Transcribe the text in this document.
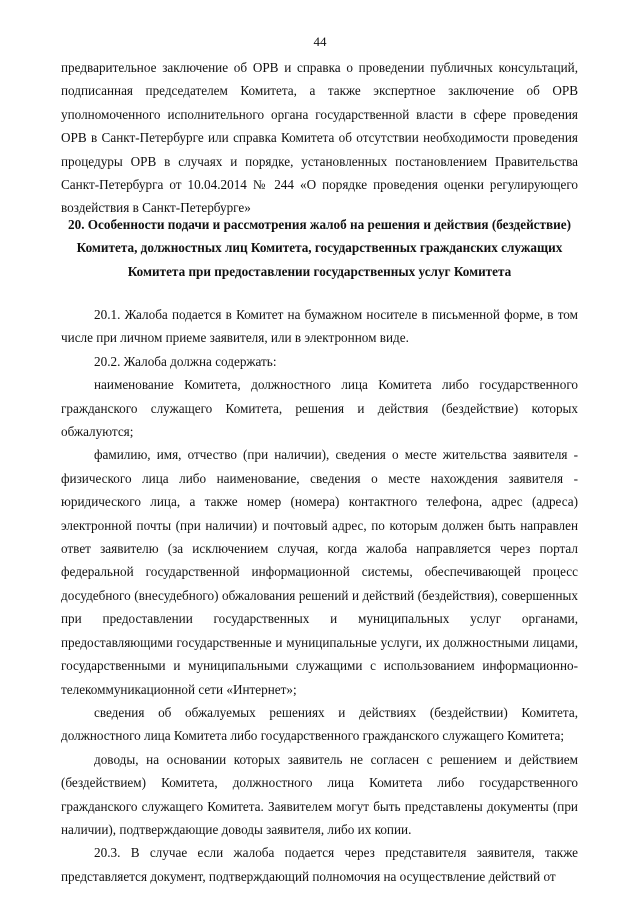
44

предварительное заключение об ОРВ и справка о проведении публичных консультаций, подписанная председателем Комитета, а также экспертное заключение об ОРВ уполномоченного исполнительного органа государственной власти в сфере проведения ОРВ в Санкт-Петербурге или справка Комитета об отсутствии необходимости проведения процедуры ОРВ в случаях и порядке, установленных постановлением Правительства Санкт-Петербурга от 10.04.2014 № 244 «О порядке проведения оценки регулирующего воздействия в Санкт-Петербурге»

20. Особенности подачи и рассмотрения жалоб на решения и действия (бездействие) Комитета, должностных лиц Комитета, государственных гражданских служащих Комитета при предоставлении государственных услуг Комитета

20.1. Жалоба подается в Комитет на бумажном носителе в письменной форме, в том числе при личном приеме заявителя, или в электронном виде.

20.2. Жалоба должна содержать:

наименование Комитета, должностного лица Комитета либо государственного гражданского служащего Комитета, решения и действия (бездействие) которых обжалуются;

фамилию, имя, отчество (при наличии), сведения о месте жительства заявителя - физического лица либо наименование, сведения о месте нахождения заявителя - юридического лица, а также номер (номера) контактного телефона, адрес (адреса) электронной почты (при наличии) и почтовый адрес, по которым должен быть направлен ответ заявителю (за исключением случая, когда жалоба направляется через портал федеральной государственной информационной системы, обеспечивающей процесс досудебного (внесудебного) обжалования решений и действий (бездействия), совершенных при предоставлении государственных и муниципальных услуг органами, предоставляющими государственные и муниципальные услуги, их должностными лицами, государственными и муниципальными служащими с использованием информационно-телекоммуникационной сети «Интернет»;

сведения об обжалуемых решениях и действиях (бездействии) Комитета, должностного лица Комитета либо государственного гражданского служащего Комитета;

доводы, на основании которых заявитель не согласен с решением и действием (бездействием) Комитета, должностного лица Комитета либо государственного гражданского служащего Комитета. Заявителем могут быть представлены документы (при наличии), подтверждающие доводы заявителя, либо их копии.

20.3. В случае если жалоба подается через представителя заявителя, также представляется документ, подтверждающий полномочия на осуществление действий от
